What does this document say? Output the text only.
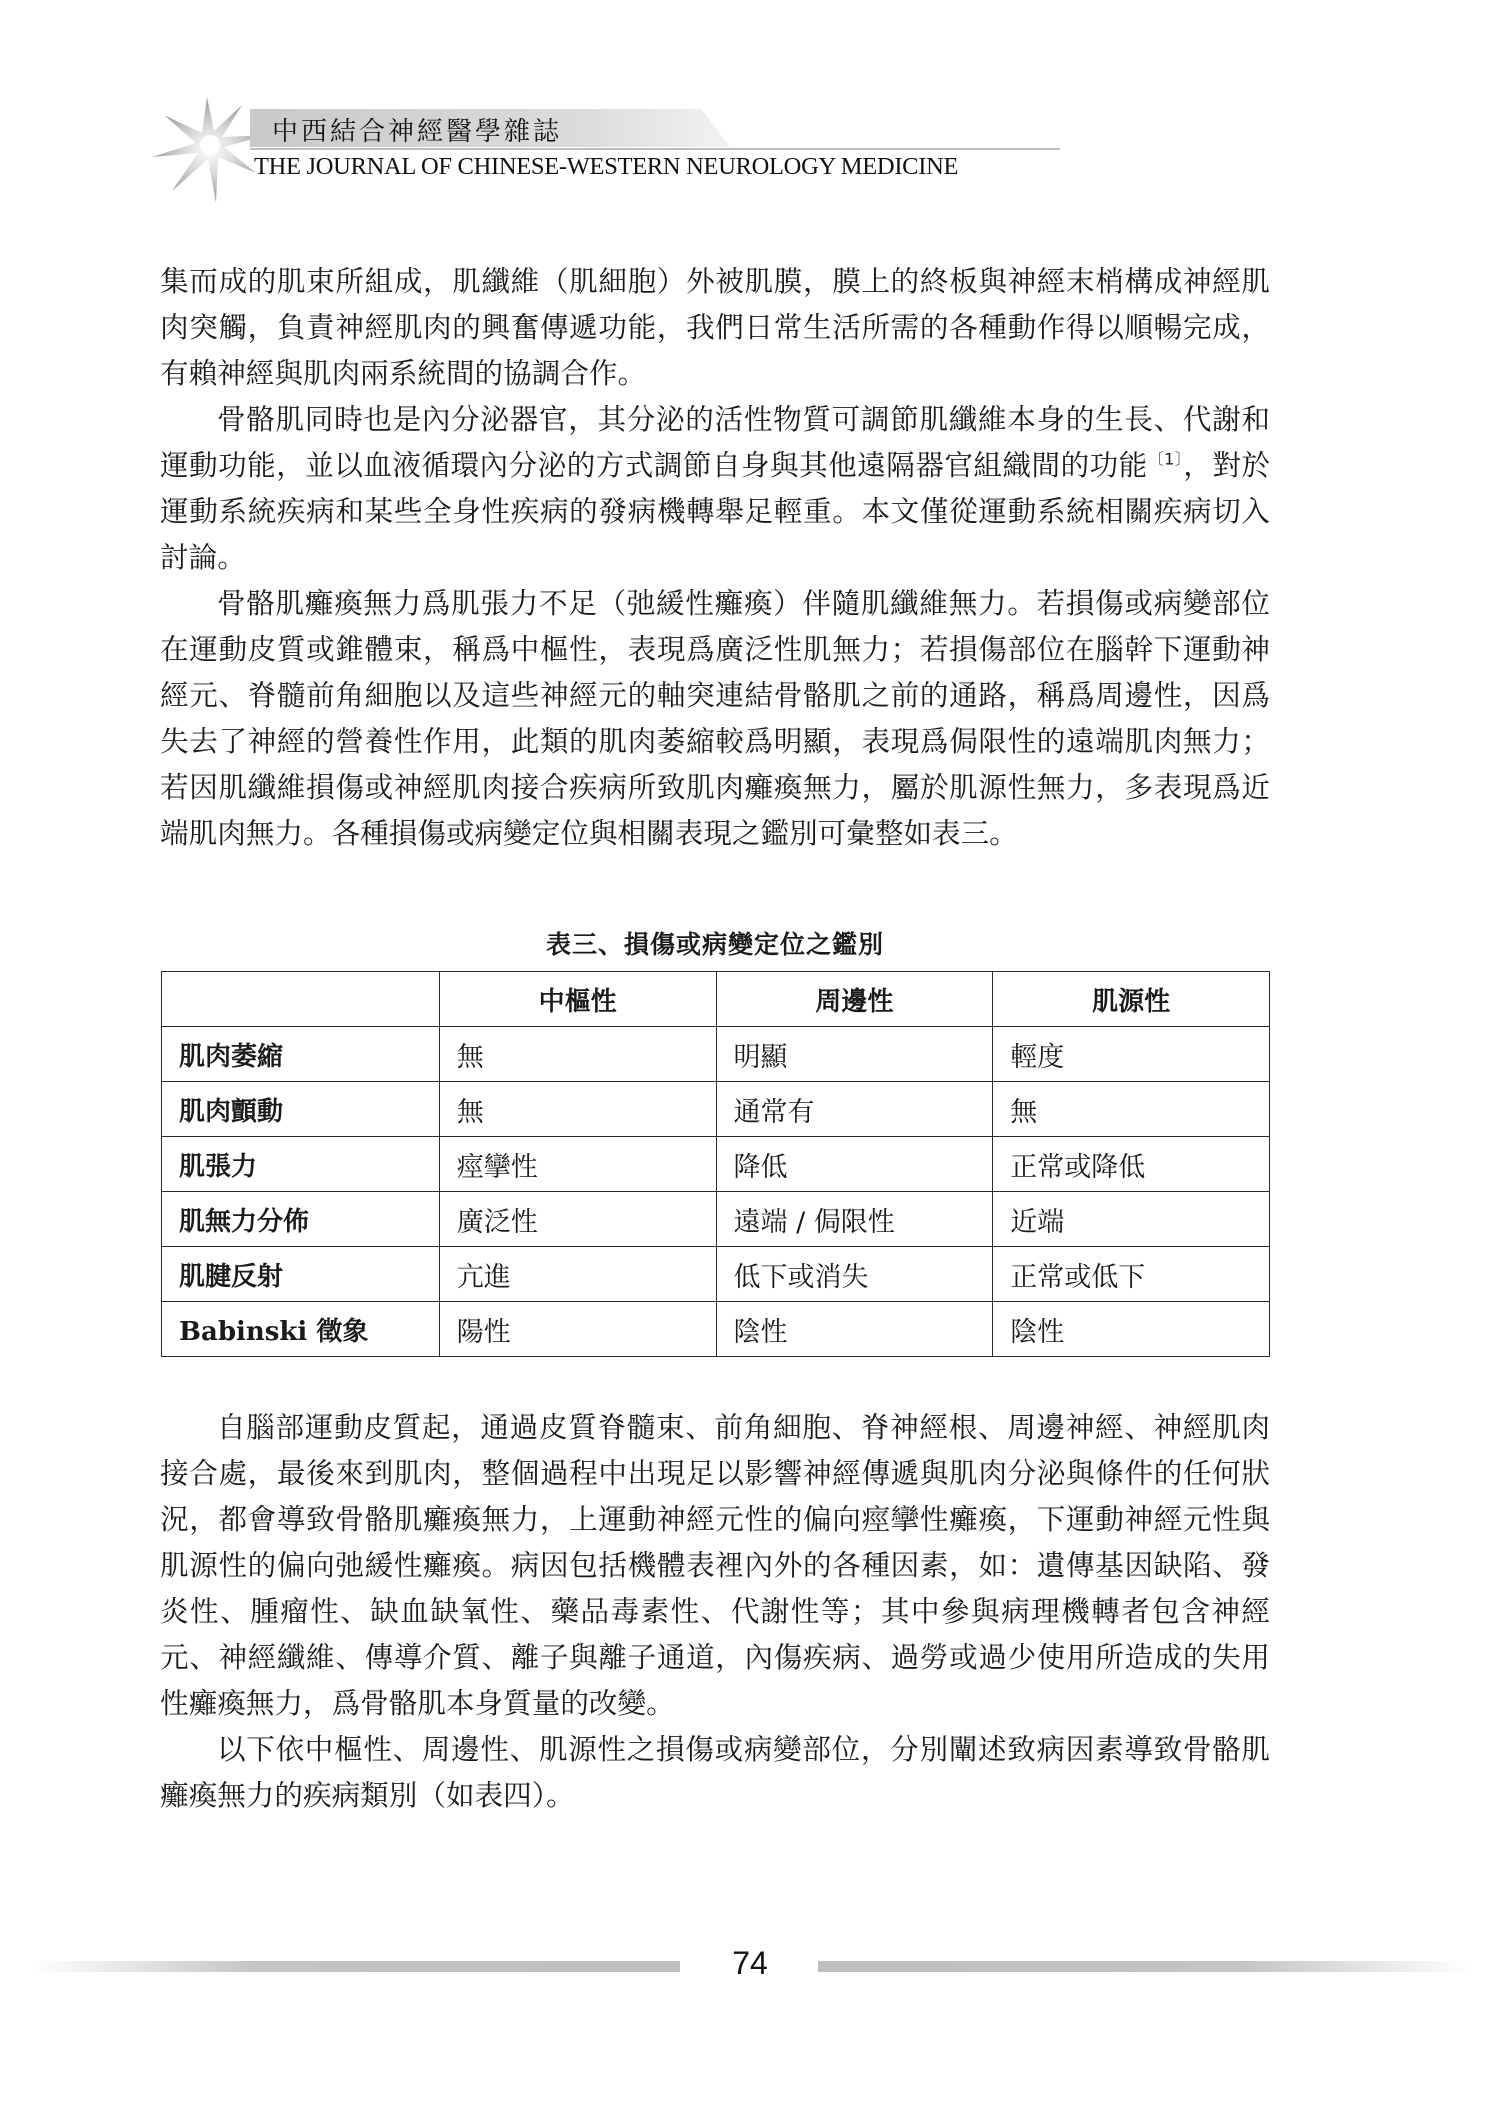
中西結合神經醫學雜誌
THE JOURNAL OF CHINESE-WESTERN NEUROLOGY MEDICINE

集而成的肌束所組成，肌纖維（肌細胞）外被肌膜，膜上的終板與神經末梢構成神經肌肉突觸，負責神經肌肉的興奮傳遞功能，我們日常生活所需的各種動作得以順暢完成，有賴神經與肌肉兩系統間的協調合作。

骨骼肌同時也是內分泌器官，其分泌的活性物質可調節肌纖維本身的生長、代謝和運動功能，並以血液循環內分泌的方式調節自身與其他遠隔器官組織間的功能$^{〔1〕}$，對於運動系統疾病和某些全身性疾病的發病機轉舉足輕重。本文僅從運動系統相關疾病切入討論。

骨骼肌癱瘓無力爲肌張力不足（弛緩性癱瘓）伴隨肌纖維無力。若損傷或病變部位在運動皮質或錐體束，稱爲中樞性，表現爲廣泛性肌無力；若損傷部位在腦幹下運動神經元、脊髓前角細胞以及這些神經元的軸突連結骨骼肌之前的通路，稱爲周邊性，因爲失去了神經的營養性作用，此類的肌肉萎縮較爲明顯，表現爲侷限性的遠端肌肉無力；若因肌纖維損傷或神經肌肉接合疾病所致肌肉癱瘓無力，屬於肌源性無力，多表現爲近端肌肉無力。各種損傷或病變定位與相關表現之鑑別可彙整如表三。

表三、損傷或病變定位之鑑別
	中樞性	周邊性	肌源性
肌肉萎縮	無	明顯	輕度
肌肉顫動	無	通常有	無
肌張力	痙攣性	降低	正常或降低
肌無力分佈	廣泛性	遠端 / 侷限性	近端
肌腱反射	亢進	低下或消失	正常或低下
Babinski 徵象	陽性	陰性	陰性

自腦部運動皮質起，通過皮質脊髓束、前角細胞、脊神經根、周邊神經、神經肌肉接合處，最後來到肌肉，整個過程中出現足以影響神經傳遞與肌肉分泌與條件的任何狀況，都會導致骨骼肌癱瘓無力，上運動神經元性的偏向痙攣性癱瘓，下運動神經元性與肌源性的偏向弛緩性癱瘓。病因包括機體表裡內外的各種因素，如：遺傳基因缺陷、發炎性、腫瘤性、缺血缺氧性、藥品毒素性、代謝性等；其中參與病理機轉者包含神經元、神經纖維、傳導介質、離子與離子通道，內傷疾病、過勞或過少使用所造成的失用性癱瘓無力，爲骨骼肌本身質量的改變。

以下依中樞性、周邊性、肌源性之損傷或病變部位，分別闡述致病因素導致骨骼肌癱瘓無力的疾病類別（如表四）。

74
